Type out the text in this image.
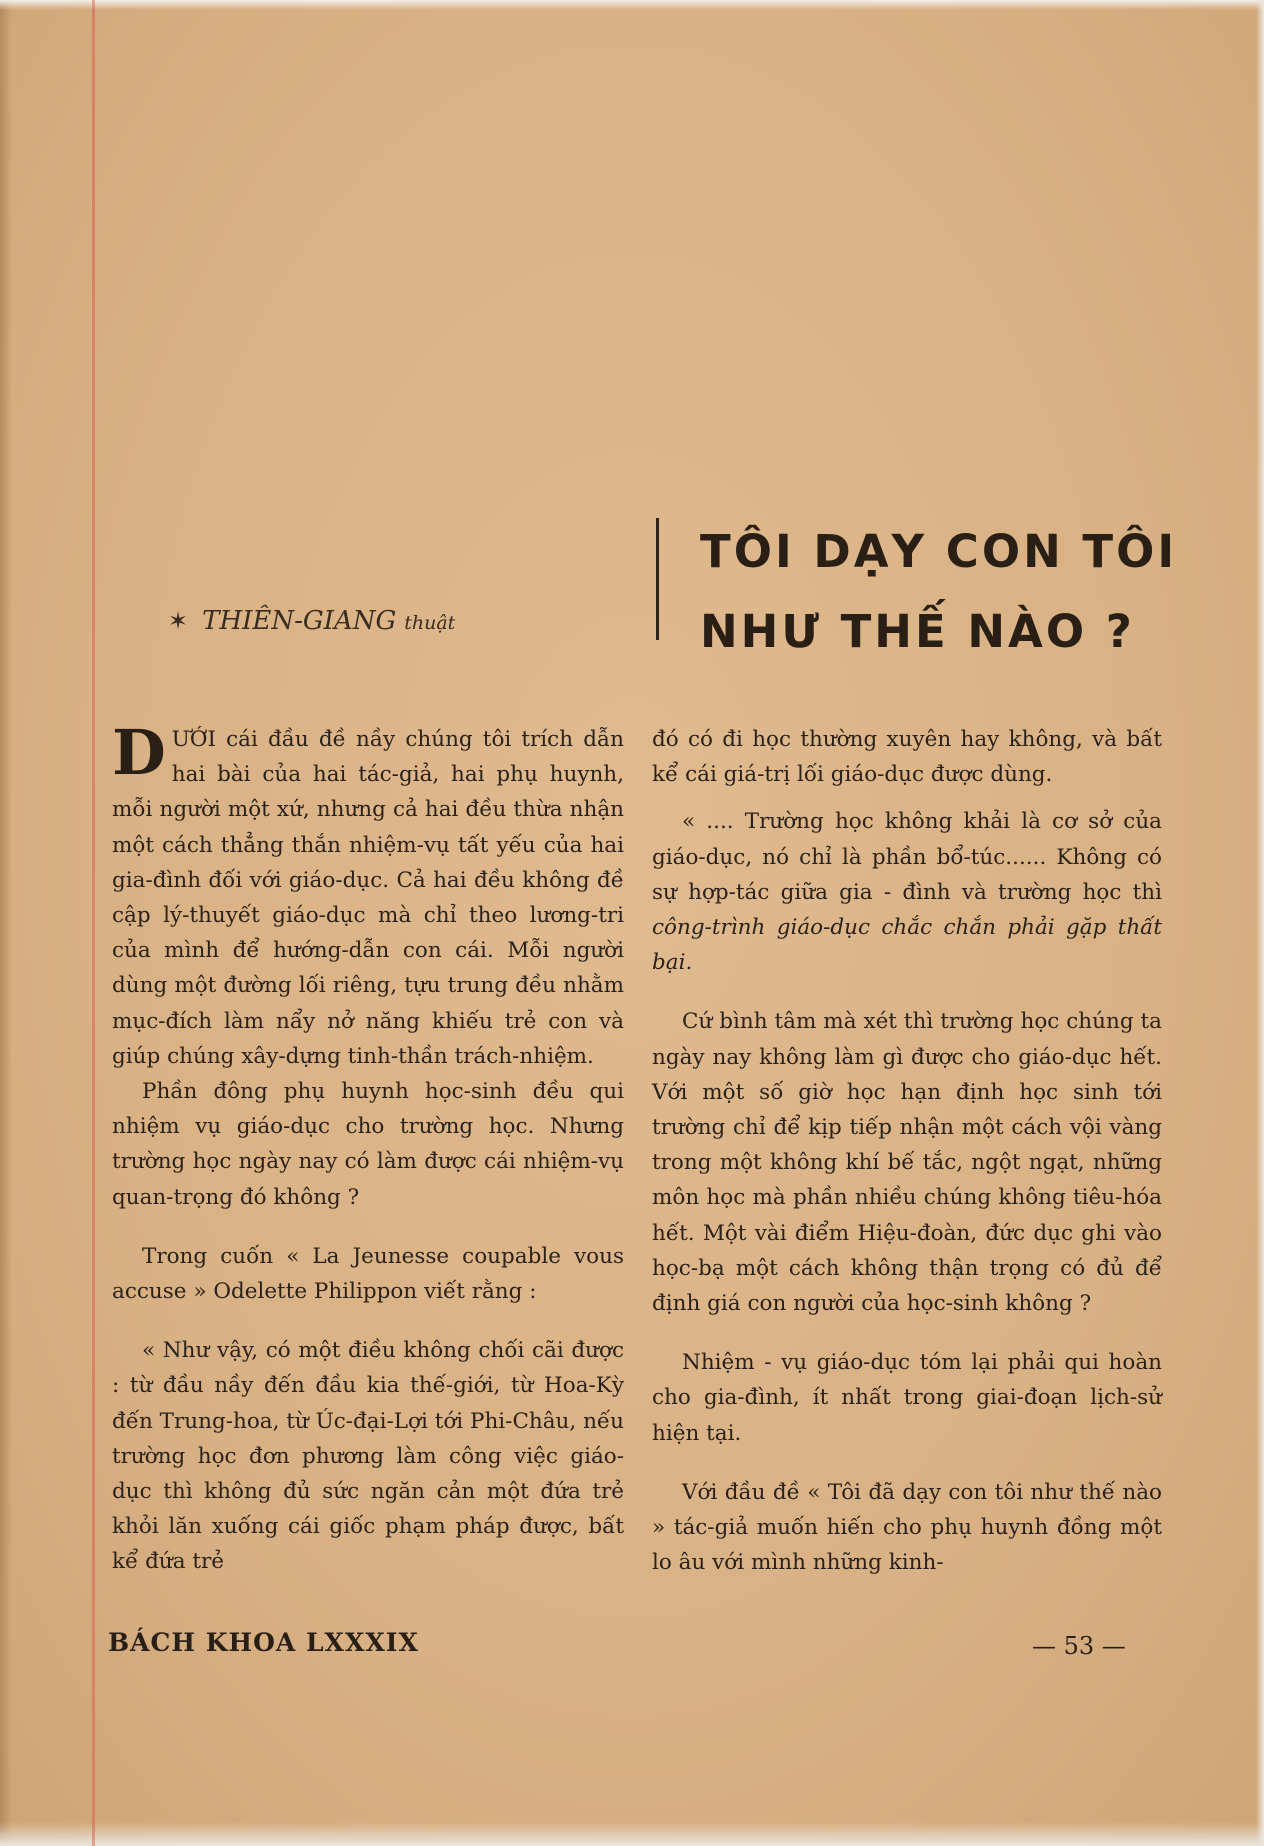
TÔI DẠY CON TÔI
NHƯ THẾ NÀO ?
✶ THIÊN-GIANG thuật

DƯỚI cái đầu đề nầy chúng tôi trích dẫn hai bài của hai tác-giả, hai phụ huynh, mỗi người một xứ, nhưng cả hai đều thừa nhận một cách thẳng thắn nhiệm-vụ tất yếu của hai gia-đình đối với giáo-dục. Cả hai đều không đề cập lý-thuyết giáo-dục mà chỉ theo lương-tri của mình để hướng-dẫn con cái. Mỗi người dùng một đường lối riêng, tựu trung đều nhằm mục-đích làm nẩy nở năng khiếu trẻ con và giúp chúng xây-dựng tinh-thần trách-nhiệm.

Phần đông phụ huynh học-sinh đều qui nhiệm vụ giáo-dục cho trường học. Nhưng trường học ngày nay có làm được cái nhiệm-vụ quan-trọng đó không ?

Trong cuốn « La Jeunesse coupable vous accuse » Odelette Philippon viết rằng :

« Như vậy, có một điều không chối cãi được : từ đầu nầy đến đầu kia thế-giới, từ Hoa-Kỳ đến Trung-hoa, từ Úc-đại-Lợi tới Phi-Châu, nếu trường học đơn phương làm công việc giáo-dục thì không đủ sức ngăn cản một đứa trẻ khỏi lăn xuống cái giốc phạm pháp được, bất kể đứa trẻ

đó có đi học thường xuyên hay không, và bất kể cái giá-trị lối giáo-dục được dùng.

« .... Trường học không khải là cơ sở của giáo-dục, nó chỉ là phần bổ-túc...... Không có sự hợp-tác giữa gia - đình và trường học thì công-trình giáo-dục chắc chắn phải gặp thất bại.

Cứ bình tâm mà xét thì trường học chúng ta ngày nay không làm gì được cho giáo-dục hết. Với một số giờ học hạn định học sinh tới trường chỉ để kịp tiếp nhận một cách vội vàng trong một không khí bế tắc, ngột ngạt, những môn học mà phần nhiều chúng không tiêu-hóa hết. Một vài điểm Hiệu-đoàn, đức dục ghi vào học-bạ một cách không thận trọng có đủ để định giá con người của học-sinh không ?

Nhiệm - vụ giáo-dục tóm lại phải qui hoàn cho gia-đình, ít nhất trong giai-đoạn lịch-sử hiện tại.

Với đầu đề « Tôi đã dạy con tôi như thế nào » tác-giả muốn hiến cho phụ huynh đồng một lo âu với mình những kinh-

BÁCH KHOA LXXXIX	— 53 —
